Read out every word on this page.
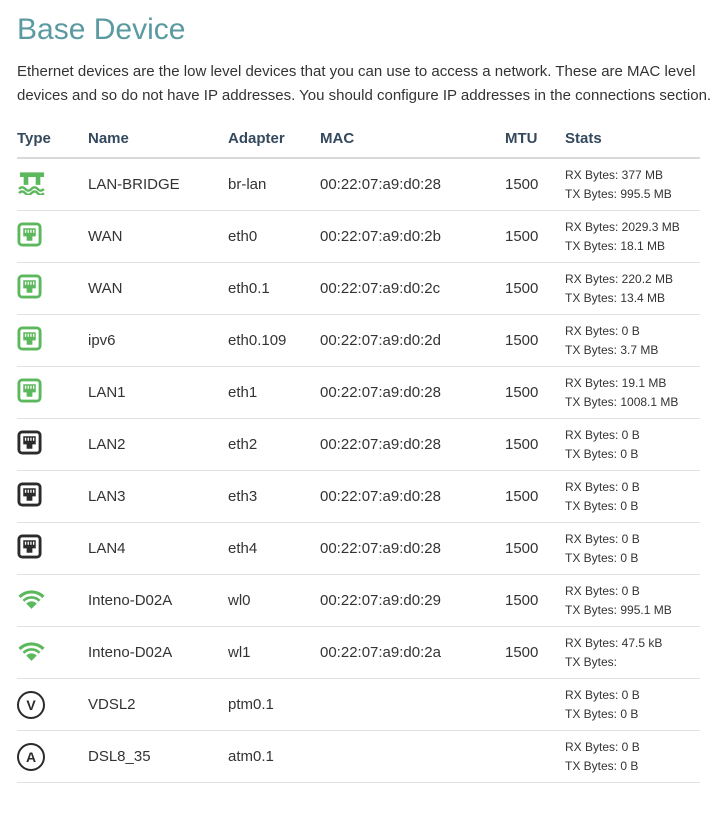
Base Device

Ethernet devices are the low level devices that you can use to access a network. These are MAC level devices and so do not have IP addresses. You should configure IP addresses in the connections section.

Type	Name	Adapter	MAC	MTU	Stats

	LAN-BRIDGE	br-lan	00:22:07:a9:d0:28	1500	RX Bytes: 377 MB
TX Bytes: 995.5 MB

	WAN	eth0	00:22:07:a9:d0:2b	1500	RX Bytes: 2029.3 MB
TX Bytes: 18.1 MB

	WAN	eth0.1	00:22:07:a9:d0:2c	1500	RX Bytes: 220.2 MB
TX Bytes: 13.4 MB

	ipv6	eth0.109	00:22:07:a9:d0:2d	1500	RX Bytes: 0 B
TX Bytes: 3.7 MB

	LAN1	eth1	00:22:07:a9:d0:28	1500	RX Bytes: 19.1 MB
TX Bytes: 1008.1 MB

	LAN2	eth2	00:22:07:a9:d0:28	1500	RX Bytes: 0 B
TX Bytes: 0 B

	LAN3	eth3	00:22:07:a9:d0:28	1500	RX Bytes: 0 B
TX Bytes: 0 B

	LAN4	eth4	00:22:07:a9:d0:28	1500	RX Bytes: 0 B
TX Bytes: 0 B

	Inteno-D02A	wl0	00:22:07:a9:d0:29	1500	RX Bytes: 0 B
TX Bytes: 995.1 MB

	Inteno-D02A	wl1	00:22:07:a9:d0:2a	1500	RX Bytes: 47.5 kB
TX Bytes:

V	VDSL2	ptm0.1			RX Bytes: 0 B
TX Bytes: 0 B

A	DSL8_35	atm0.1			RX Bytes: 0 B
TX Bytes: 0 B
